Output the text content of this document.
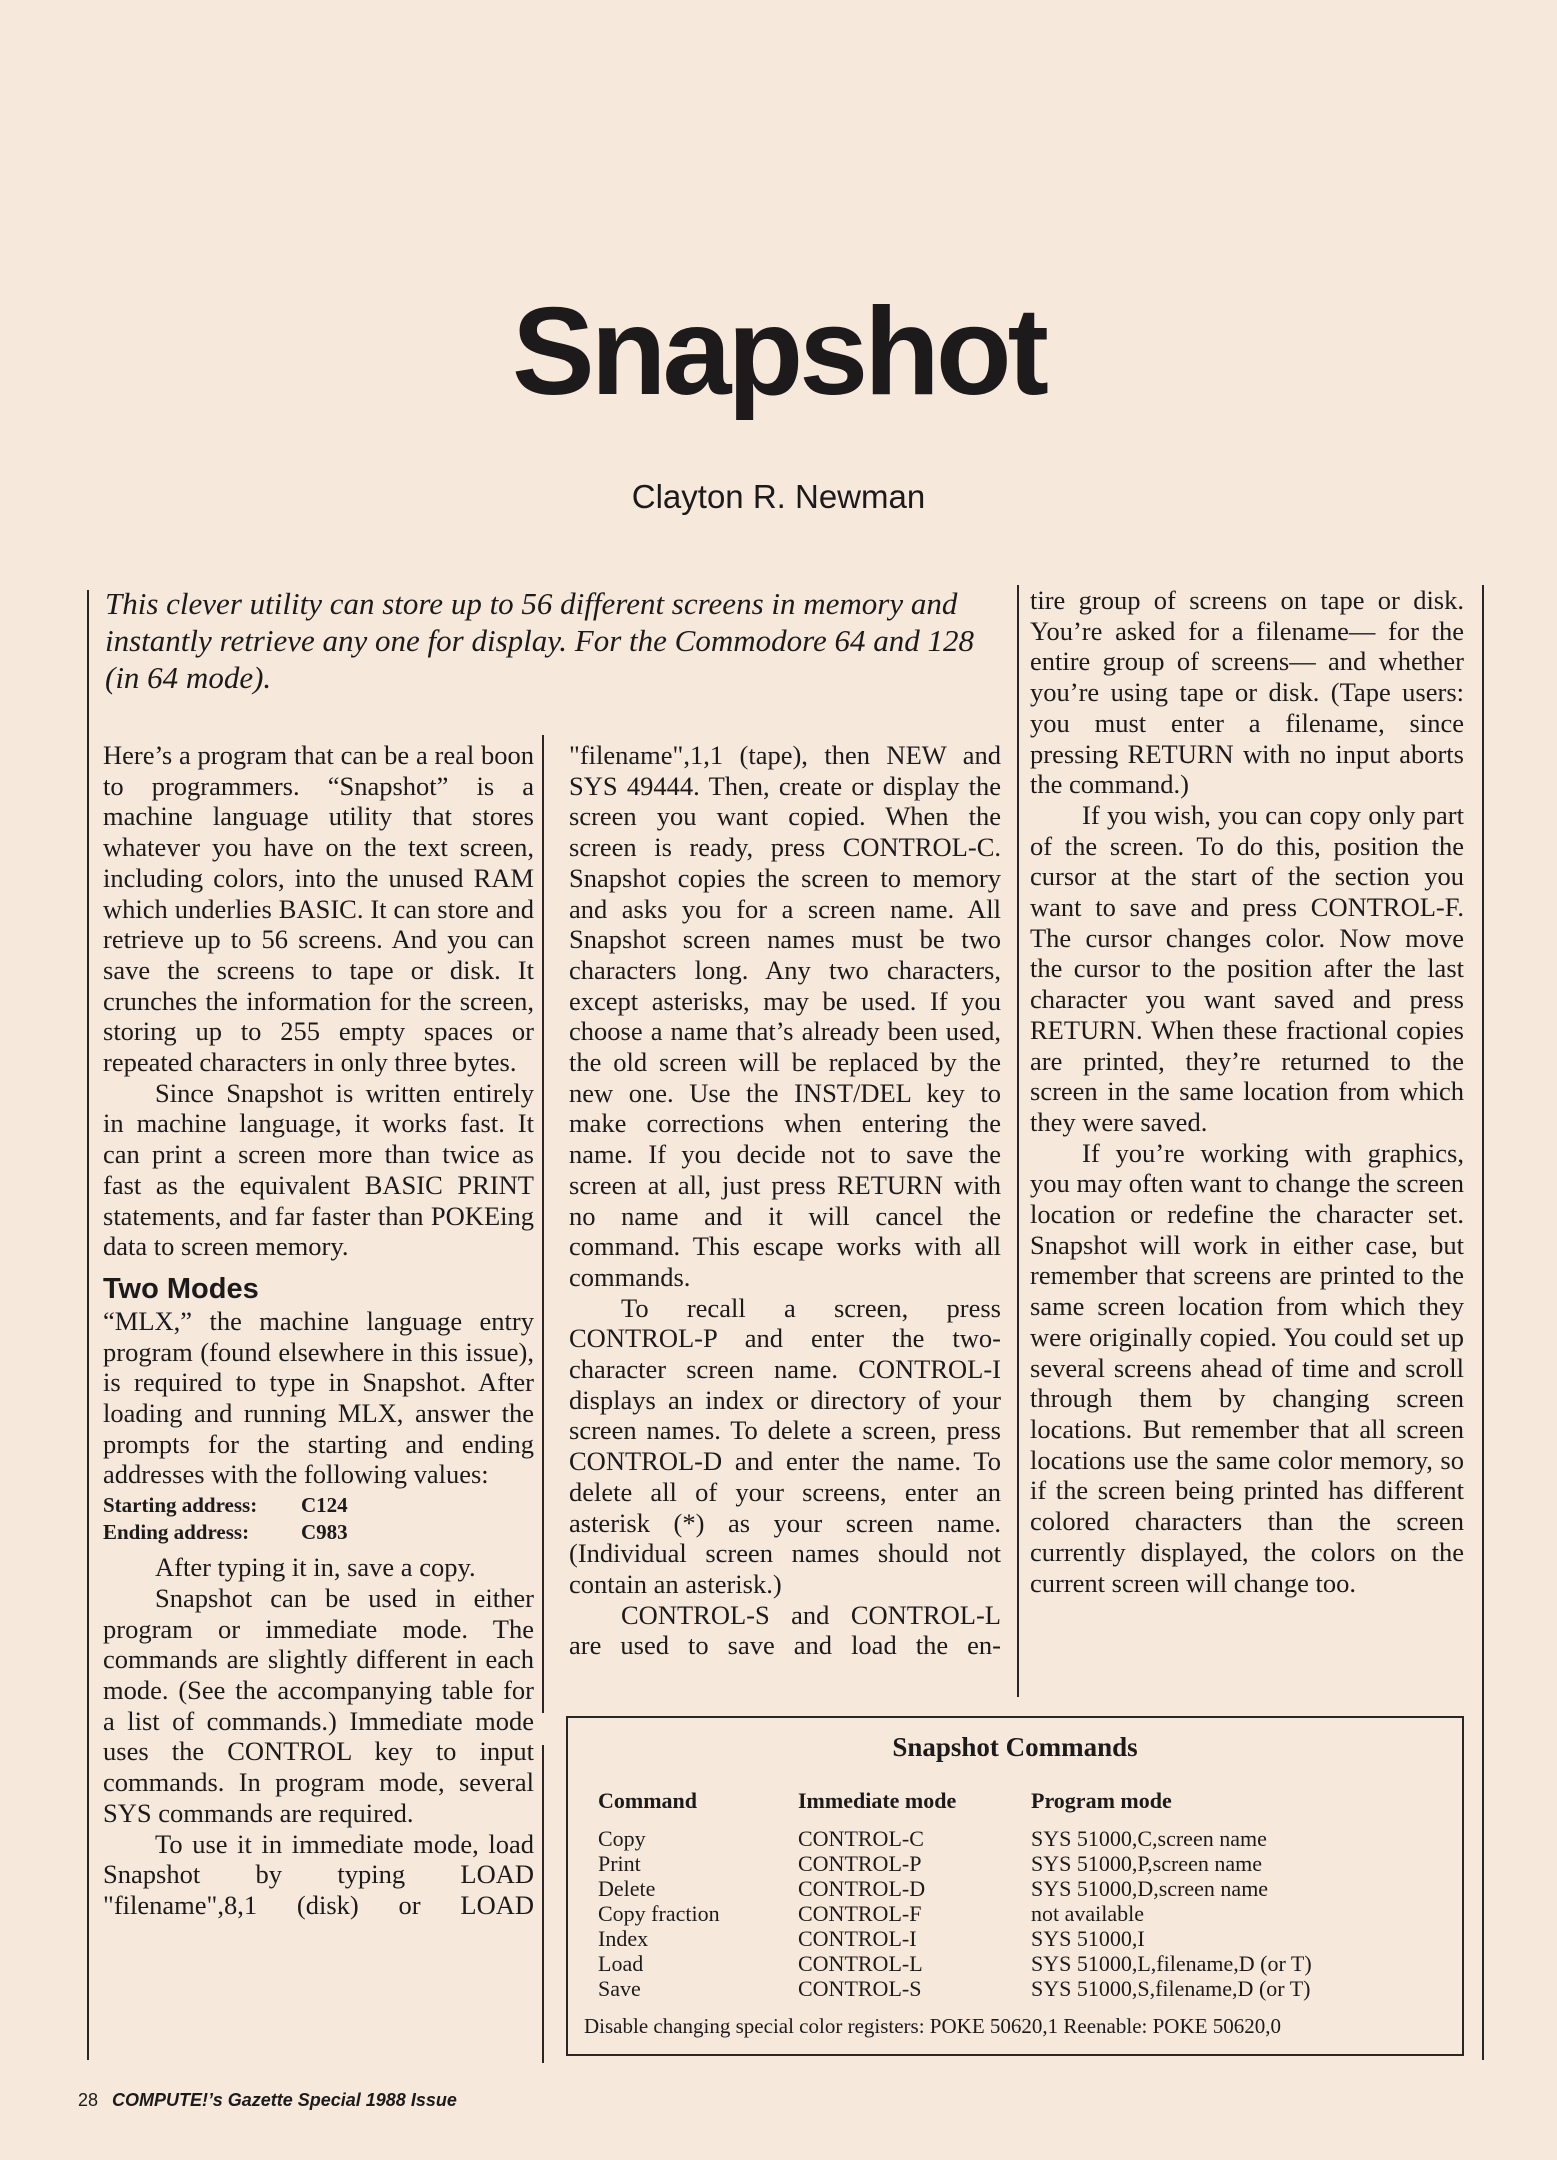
Snapshot
Clayton R. Newman

This clever utility can store up to 56 different screens in memory and instantly retrieve any one for display. For the Commodore 64 and 128 (in 64 mode).

Here’s a program that can be a real boon to programmers. “Snapshot” is a machine language utility that stores whatever you have on the text screen, including colors, into the unused RAM which underlies BASIC. It can store and retrieve up to 56 screens. And you can save the screens to tape or disk. It crunches the information for the screen, storing up to 255 empty spaces or repeated characters in only three bytes.

Since Snapshot is written entirely in machine language, it works fast. It can print a screen more than twice as fast as the equivalent BASIC PRINT statements, and far faster than POKEing data to screen memory.

Two Modes

“MLX,” the machine language entry program (found elsewhere in this issue), is required to type in Snapshot. After loading and running MLX, answer the prompts for the starting and ending addresses with the following values:

Starting address: C124
Ending address: C983

After typing it in, save a copy.

Snapshot can be used in either program or immediate mode. The commands are slightly different in each mode. (See the accompanying table for a list of commands.) Immediate mode uses the CONTROL key to input commands. In program mode, several SYS commands are required.

To use it in immediate mode, load Snapshot by typing LOAD "filename",8,1 (disk) or LOAD

"filename",1,1 (tape), then NEW and SYS 49444. Then, create or display the screen you want copied. When the screen is ready, press CONTROL-C. Snapshot copies the screen to memory and asks you for a screen name. All Snapshot screen names must be two characters long. Any two characters, except asterisks, may be used. If you choose a name that’s already been used, the old screen will be replaced by the new one. Use the INST/DEL key to make corrections when entering the name. If you decide not to save the screen at all, just press RETURN with no name and it will cancel the command. This escape works with all commands.

To recall a screen, press CONTROL-P and enter the two-character screen name. CONTROL-I displays an index or directory of your screen names. To delete a screen, press CONTROL-D and enter the name. To delete all of your screens, enter an asterisk (*) as your screen name. (Individual screen names should not contain an asterisk.)

CONTROL-S and CONTROL-L are used to save and load the en-

tire group of screens on tape or disk. You’re asked for a filename— for the entire group of screens— and whether you’re using tape or disk. (Tape users: you must enter a filename, since pressing RETURN with no input aborts the command.)

If you wish, you can copy only part of the screen. To do this, position the cursor at the start of the section you want to save and press CONTROL-F. The cursor changes color. Now move the cursor to the position after the last character you want saved and press RETURN. When these fractional copies are printed, they’re returned to the screen in the same location from which they were saved.

If you’re working with graphics, you may often want to change the screen location or redefine the character set. Snapshot will work in either case, but remember that screens are printed to the same screen location from which they were originally copied. You could set up several screens ahead of time and scroll through them by changing screen locations. But remember that all screen locations use the same color memory, so if the screen being printed has different colored characters than the screen currently displayed, the colors on the current screen will change too.

Snapshot Commands
Command	Immediate mode	Program mode
Copy	CONTROL-C	SYS 51000,C,screen name
Print	CONTROL-P	SYS 51000,P,screen name
Delete	CONTROL-D	SYS 51000,D,screen name
Copy fraction	CONTROL-F	not available
Index	CONTROL-I	SYS 51000,I
Load	CONTROL-L	SYS 51000,L,filename,D (or T)
Save	CONTROL-S	SYS 51000,S,filename,D (or T)
Disable changing special color registers: POKE 50620,1 Reenable: POKE 50620,0
28 COMPUTE!’s Gazette Special 1988 Issue
